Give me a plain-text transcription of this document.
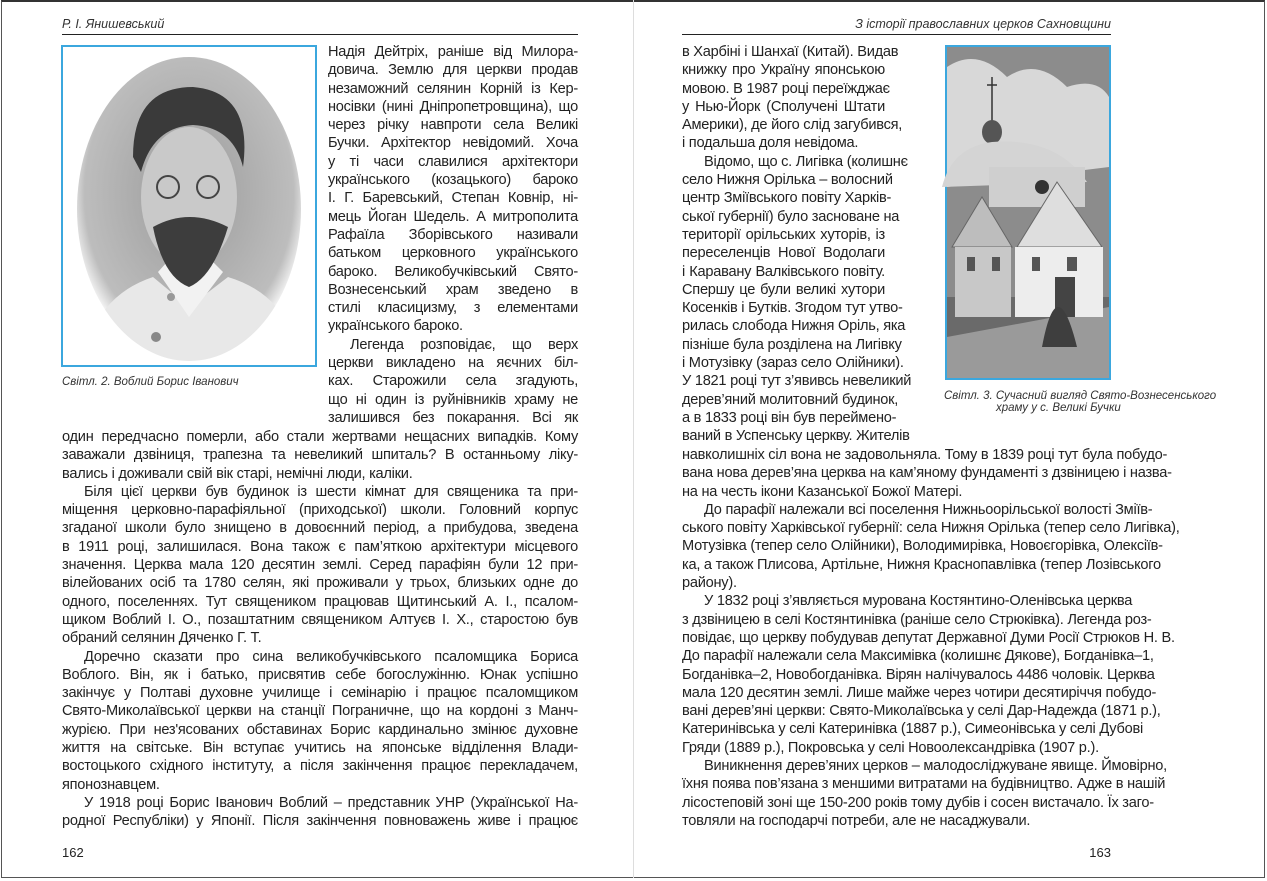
Р. І. Янишевський
Світл. 2. Воблий Борис Іванович
Надія Дейтріх, раніше від Милора-
довича. Землю для церкви продав
незаможний селянин Корній із Кер-
носівки (нині Дніпропетровщина), що
через річку навпроти села Великі
Бучки. Архітектор невідомий. Хоча
у ті часи славилися архітектори
українського (козацького) бароко
І. Г. Баревський, Степан Ковнір, ні-
мець Йоган Шедель. А митрополита
Рафаїла Зборівського називали
батьком церковного українського
бароко. Великобучківський Свято-
Вознесенський храм зведено в
стилі класицизму, з елементами
українського бароко.
Легенда розповідає, що верх
церкви викладено на яєчних біл-
ках. Старожили села згадують,
що ні один із руйнівників храму не
залишився без покарання. Всі як
один передчасно померли, або стали жертвами нещасних випадків. Кому
заважали дзвіниця, трапезна та невеликий шпиталь? В останньому ліку-
вались і доживали свій вік старі, немічні люди, каліки.
Біля цієї церкви був будинок із шести кімнат для священика та при-
міщення церковно-парафіяльної (приходської) школи. Головний корпус
згаданої школи було знищено в довоєнний період, а прибудова, зведена
в 1911 році, залишилася. Вона також є пам’яткою архітектури місцевого
значення. Церква мала 120 десятин землі. Серед парафіян були 12 при-
вілейованих осіб та 1780 селян, які проживали у трьох, близьких одне до
одного, поселеннях. Тут священиком працював Щитинський А. І., псалом-
щиком Воблий І. О., позаштатним священиком Алтуєв І. Х., старостою був
обраний селянин Дяченко Г. Т.
Доречно сказати про сина великобучківського псаломщика Бориса
Воблого. Він, як і батько, присвятив себе богослужінню. Юнак успішно
закінчує у Полтаві духовне училище і семінарію і працює псаломщиком
Свято-Миколаївської церкви на станції Пограничне, що на кордоні з Манч-
журією. При нез'ясованих обставинах Борис кардинально змінює духовне
життя на світське. Він вступає учитись на японське відділення Влади-
востоцького східного інституту, а після закінчення працює перекладачем,
японознавцем.
У 1918 році Борис Іванович Воблий – представник УНР (Української На-
родної Республіки) у Японії. Після закінчення повноважень живе і працює
162
З історії православних церков Сахновщини
в Харбіні і Шанхаї (Китай). Видав
книжку про Україну японською
мовою. В 1987 році переїжджає
у Нью-Йорк (Сполучені Штати
Америки), де його слід загубився,
і подальша доля невідома.
Відомо, що с. Лигівка (колишнє
село Нижня Орілька – волосний
центр Зміївського повіту Харків-
ської губернії) було засноване на
території орільських хуторів, із
переселенців Нової Водолаги
і Каравану Валківського повіту.
Спершу це були великі хутори
Косенків і Бутків. Згодом тут утво-
рилась слобода Нижня Оріль, яка
пізніше була розділена на Лигівку
і Мотузівку (зараз село Олійники).
У 1821 році тут з’явивсь невеликий
дерев’яний молитовний будинок,
а в 1833 році він був перейменo-
ваний в Успенську церкву. Жителів
Світл. 3. Сучасний вигляд Свято-Вознесенського
храму у с. Великі Бучки
навколишніх сіл вона не задовольняла. Тому в 1839 році тут була побудо-
вана нова дерев’яна церква на кам’яному фундаменті з дзвіницею і назва-
на на честь ікони Казанської Божої Матері.
До парафії належали всі поселення Нижньоорільської волості Змiїв-
ського повіту Харківської губернії: села Нижня Орілька (тепер село Лигівка),
Мотузівка (тепер село Олійники), Володимирівка, Новоєгорівка, Олексіїв-
ка, а також Плисова, Артільне, Нижня Краснопавлівка (тепер Лозівського
району).
У 1832 році з’являється мурована Костянтино-Оленівська церква
з дзвіницею в селі Костянтинівка (раніше село Стрюківка). Легенда роз-
повідає, що церкву побудував депутат Державної Думи Росії Стрюков Н. В.
До парафії належали села Максимівка (колишнє Дякове), Богданівка–1,
Богданівка–2, Новобогданівка. Вірян налічувалось 4486 чоловік. Церква
мала 120 десятин землі. Лише майже через чотири десятиріччя побудо-
вані дерев’яні церкви: Свято-Миколаївська у селі Дар-Надежда (1871 р.),
Катеринівська у селі Катеринівка (1887 р.), Симеонівська у селі Дубові
Гряди (1889 р.), Покровська у селі Новоолександрівка (1907 р.).
Виникнення дерев’яних церков – малодосліджуване явище. Ймовірно,
їхня поява пов’язана з меншими витратами на будівництво. Адже в нашій
лісостеповій зоні ще 150-200 років тому дубів і сосен вистачало. Їх заго-
товляли на господарчі потреби, але не насаджували.
163
